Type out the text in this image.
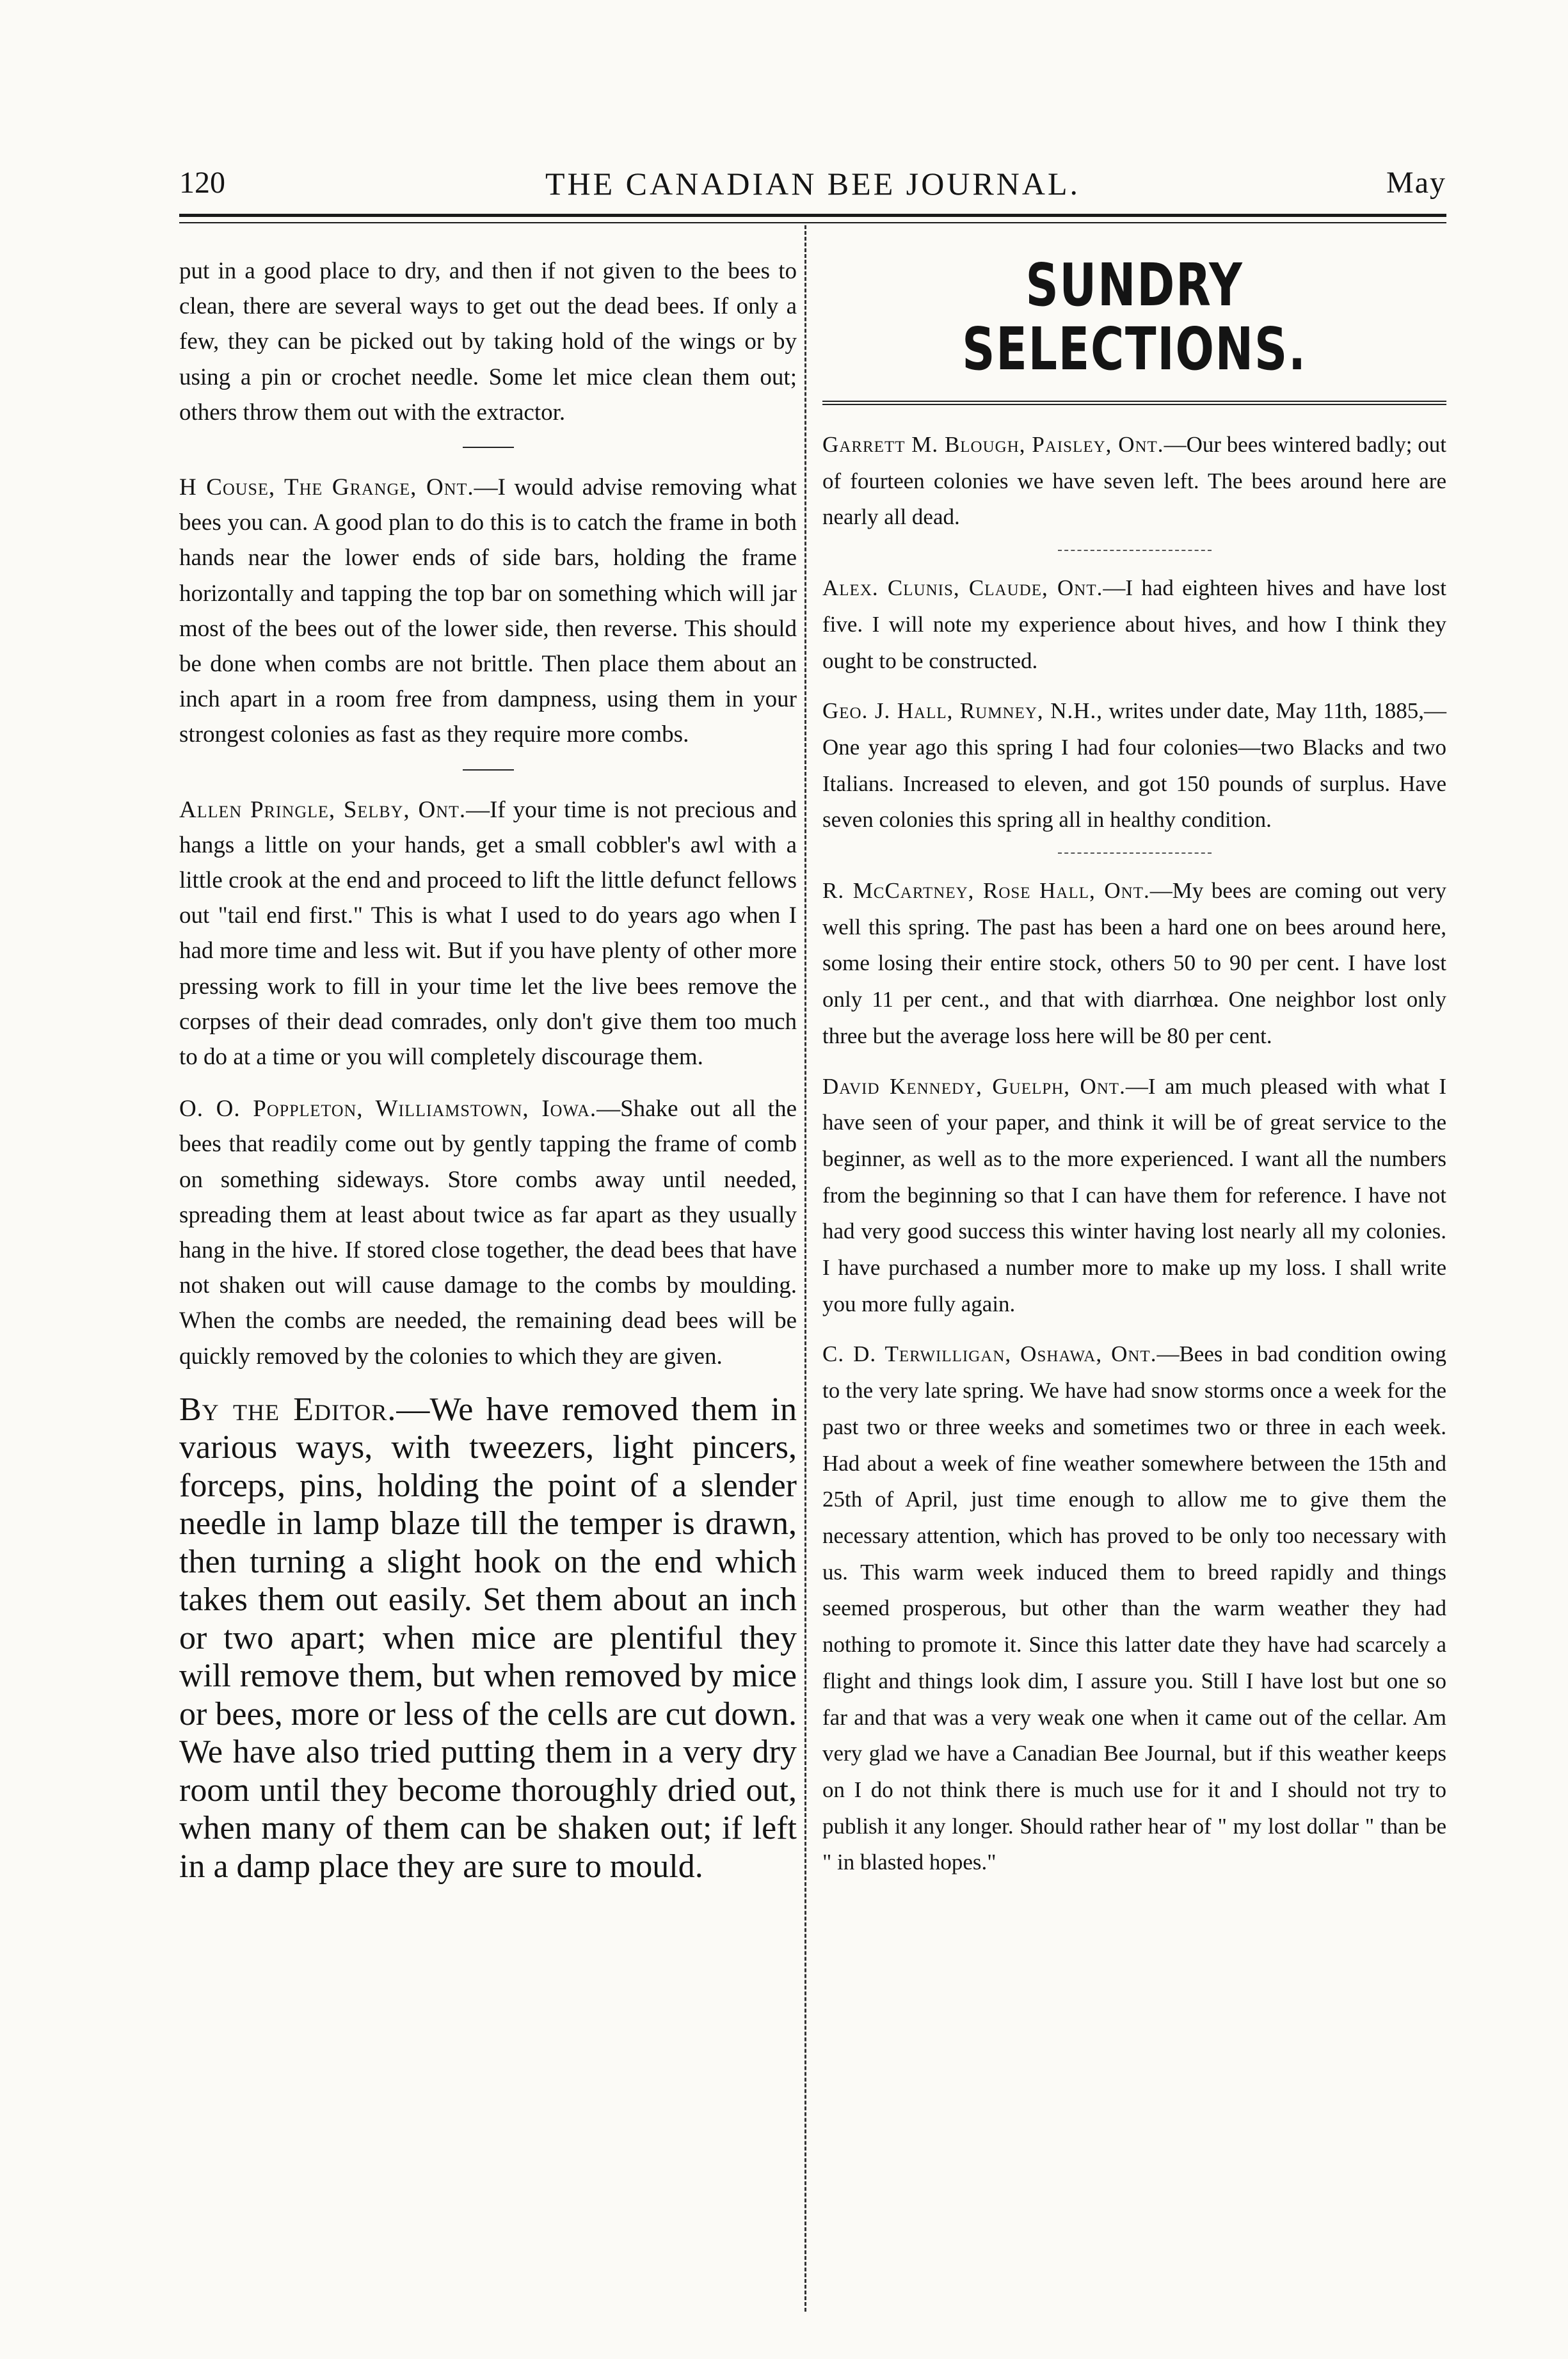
120	THE CANADIAN BEE JOURNAL.	May

put in a good place to dry, and then if not given to the bees to clean, there are several ways to get out the dead bees. If only a few, they can be picked out by taking hold of the wings or by using a pin or crochet needle. Some let mice clean them out; others throw them out with the extractor.

H Couse, The Grange, Ont.—I would advise removing what bees you can. A good plan to do this is to catch the frame in both hands near the lower ends of side bars, holding the frame horizontally and tapping the top bar on something which will jar most of the bees out of the lower side, then reverse. This should be done when combs are not brittle. Then place them about an inch apart in a room free from dampness, using them in your strongest colonies as fast as they require more combs.

Allen Pringle, Selby, Ont.—If your time is not precious and hangs a little on your hands, get a small cobbler's awl with a little crook at the end and proceed to lift the little defunct fellows out "tail end first." This is what I used to do years ago when I had more time and less wit. But if you have plenty of other more pressing work to fill in your time let the live bees remove the corpses of their dead comrades, only don't give them too much to do at a time or you will completely discourage them.

O. O. Poppleton, Williamstown, Iowa.—Shake out all the bees that readily come out by gently tapping the frame of comb on something sideways. Store combs away until needed, spreading them at least about twice as far apart as they usually hang in the hive. If stored close together, the dead bees that have not shaken out will cause damage to the combs by moulding. When the combs are needed, the remaining dead bees will be quickly removed by the colonies to which they are given.

By the Editor.—We have removed them in various ways, with tweezers, light pincers, forceps, pins, holding the point of a slender needle in lamp blaze till the temper is drawn, then turning a slight hook on the end which takes them out easily. Set them about an inch or two apart; when mice are plentiful they will remove them, but when removed by mice or bees, more or less of the cells are cut down. We have also tried putting them in a very dry room until they become thoroughly dried out, when many of them can be shaken out; if left in a damp place they are sure to mould.

SUNDRY SELECTIONS.

Garrett M. Blough, Paisley, Ont.—Our bees wintered badly; out of fourteen colonies we have seven left. The bees around here are nearly all dead.

Alex. Clunis, Claude, Ont.—I had eighteen hives and have lost five. I will note my experience about hives, and how I think they ought to be constructed.

Geo. J. Hall, Rumney, N.H., writes under date, May 11th, 1885,—One year ago this spring I had four colonies—two Blacks and two Italians. Increased to eleven, and got 150 pounds of surplus. Have seven colonies this spring all in healthy condition.

R. McCartney, Rose Hall, Ont.—My bees are coming out very well this spring. The past has been a hard one on bees around here, some losing their entire stock, others 50 to 90 per cent. I have lost only 11 per cent., and that with diarrhœa. One neighbor lost only three but the average loss here will be 80 per cent.

David Kennedy, Guelph, Ont.—I am much pleased with what I have seen of your paper, and think it will be of great service to the beginner, as well as to the more experienced. I want all the numbers from the beginning so that I can have them for reference. I have not had very good success this winter having lost nearly all my colonies. I have purchased a number more to make up my loss. I shall write you more fully again.

C. D. Terwilligan, Oshawa, Ont.—Bees in bad condition owing to the very late spring. We have had snow storms once a week for the past two or three weeks and sometimes two or three in each week. Had about a week of fine weather somewhere between the 15th and 25th of April, just time enough to allow me to give them the necessary attention, which has proved to be only too necessary with us. This warm week induced them to breed rapidly and things seemed prosperous, but other than the warm weather they had nothing to promote it. Since this latter date they have had scarcely a flight and things look dim, I assure you. Still I have lost but one so far and that was a very weak one when it came out of the cellar. Am very glad we have a Canadian Bee Journal, but if this weather keeps on I do not think there is much use for it and I should not try to publish it any longer. Should rather hear of " my lost dollar " than be " in blasted hopes."
